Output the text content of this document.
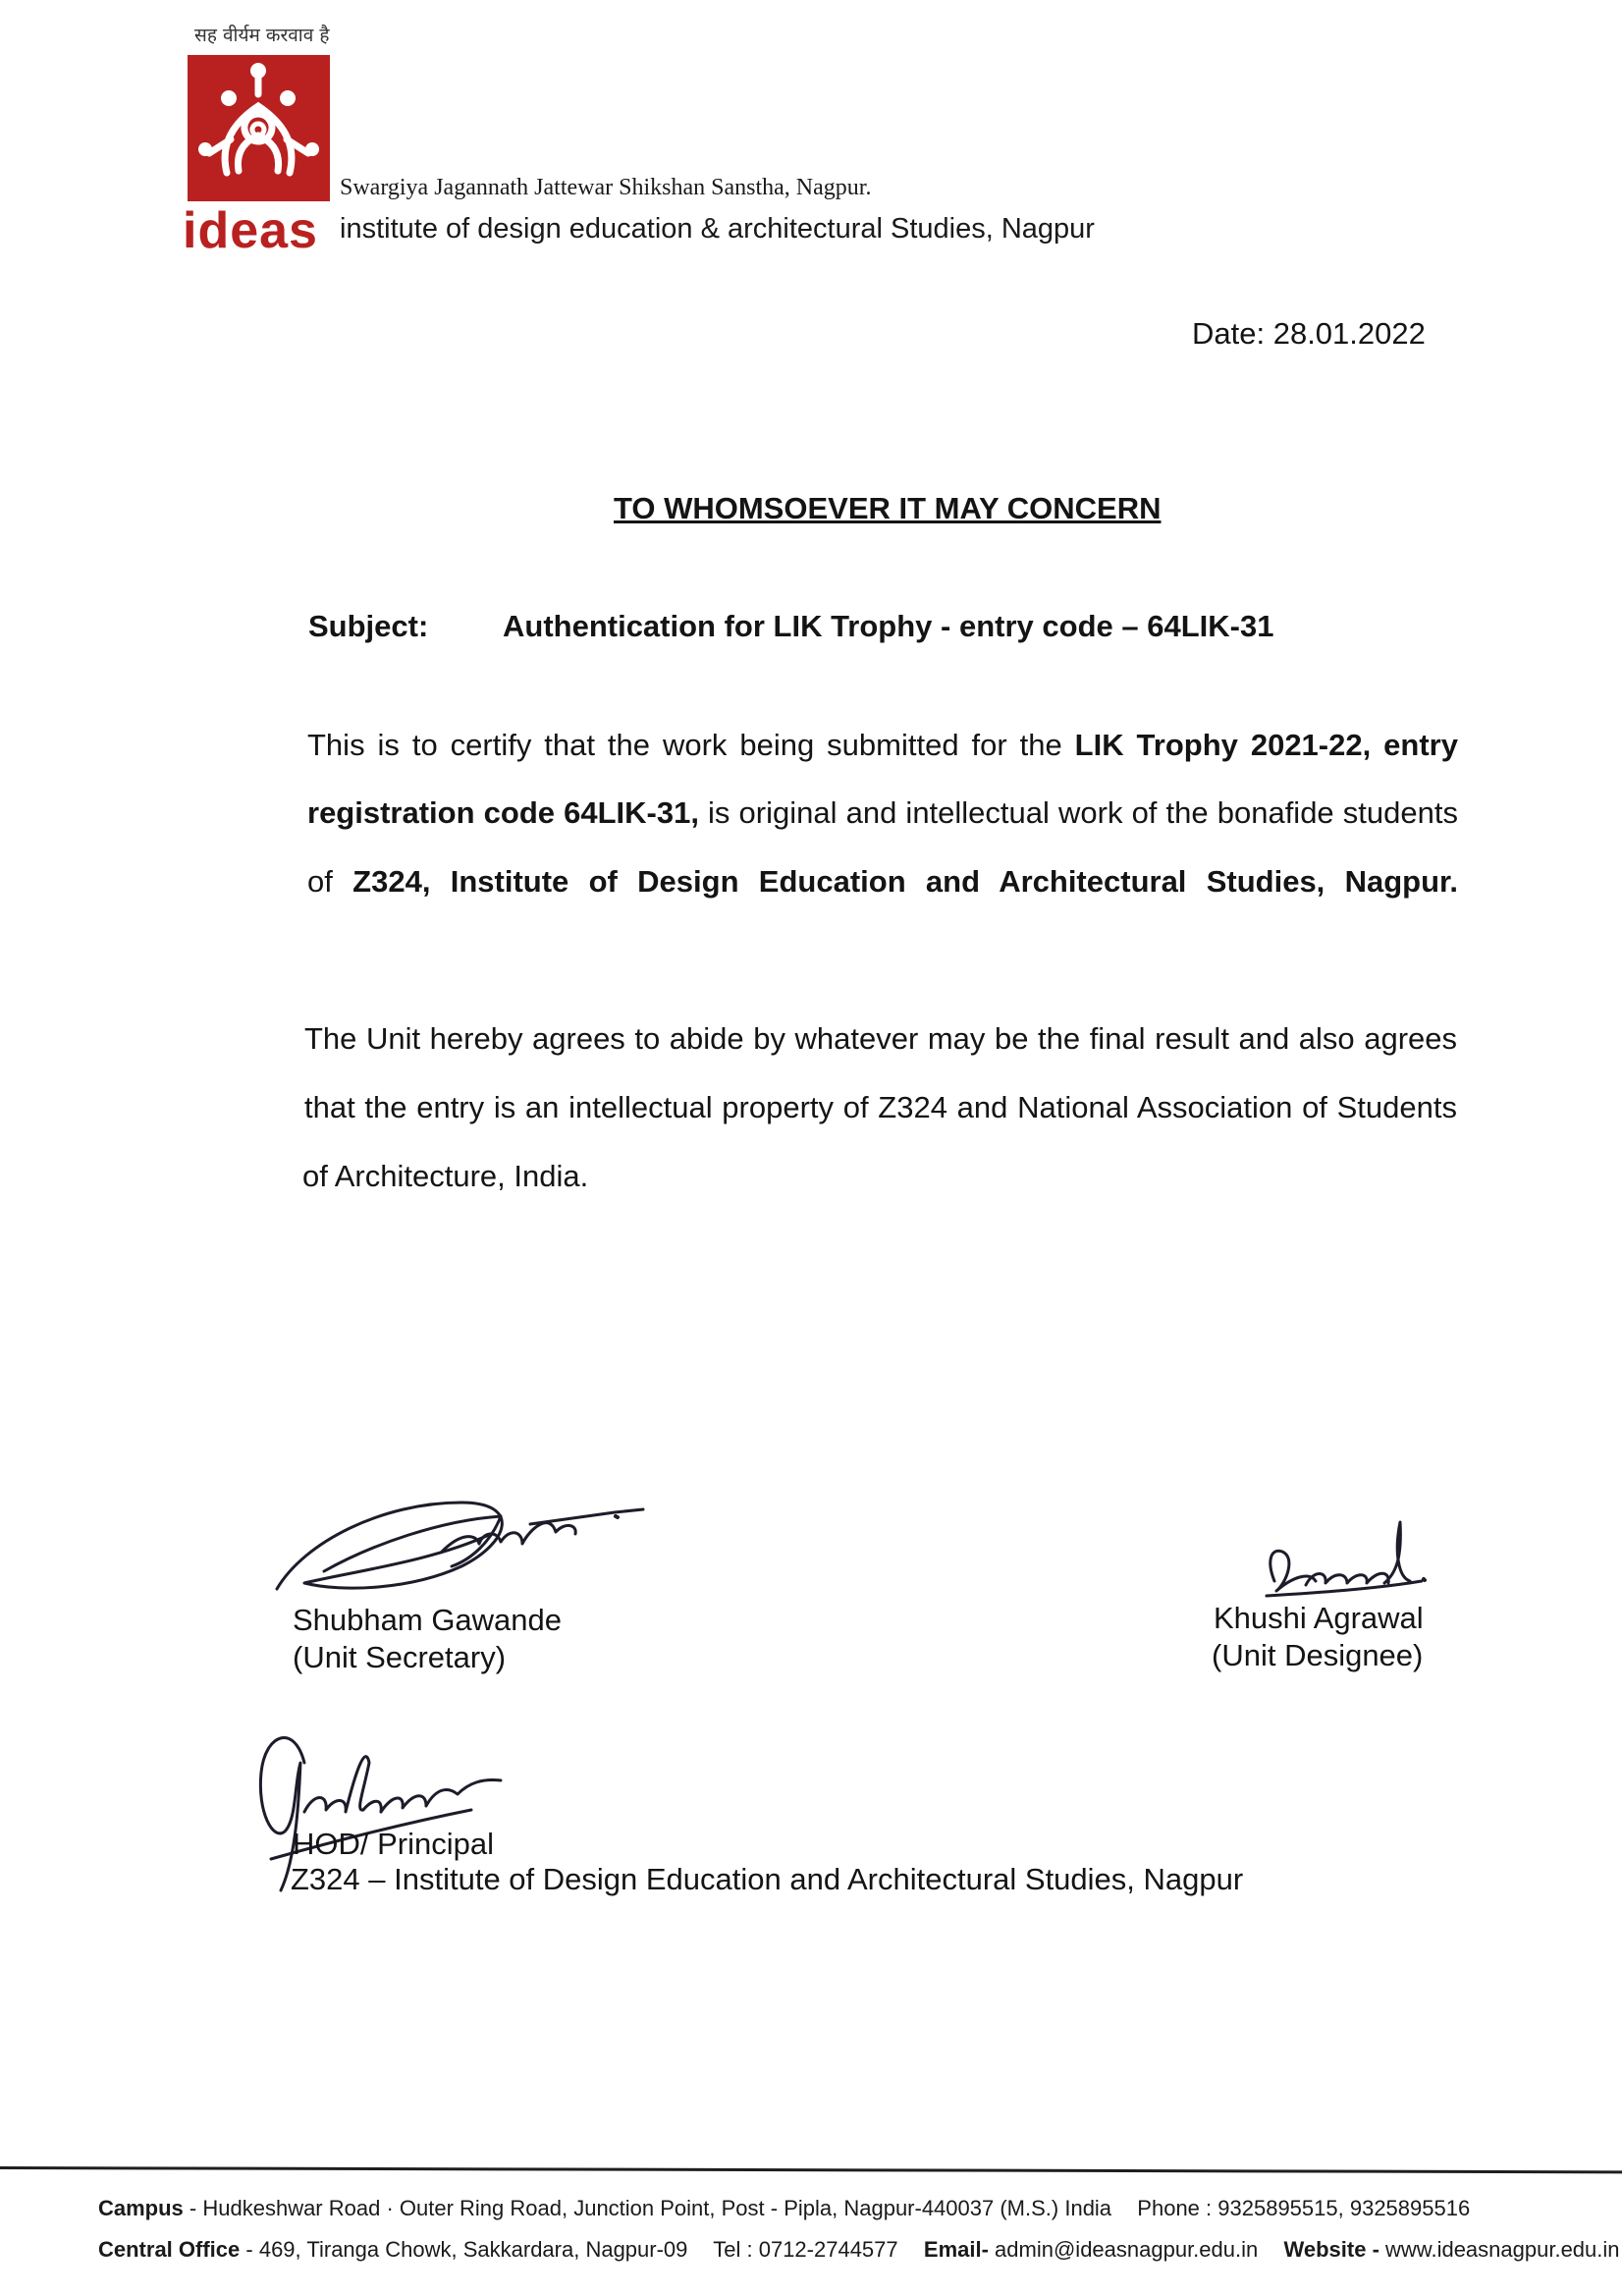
सह वीर्यम करवाव है
ideas
Swargiya Jagannath Jattewar Shikshan Sanstha, Nagpur.
institute of design education & architectural Studies, Nagpur
Date: 28.01.2022
TO WHOMSOEVER IT MAY CONCERN
Subject: Authentication for LIK Trophy - entry code – 64LIK-31
This is to certify that the work being submitted for the LIK Trophy 2021-22, entry
registration code 64LIK-31, is original and intellectual work of the bonafide students
of Z324, Institute of Design Education and Architectural Studies, Nagpur.
The Unit hereby agrees to abide by whatever may be the final result and also agrees
that the entry is an intellectual property of Z324 and National Association of Students
of Architecture, India.
Shubham Gawande
(Unit Secretary)
Khushi Agrawal
(Unit Designee)
HOD/ Principal
Z324 – Institute of Design Education and Architectural Studies, Nagpur
Campus - Hudkeshwar Road · Outer Ring Road, Junction Point, Post - Pipla, Nagpur-440037 (M.S.) India Phone : 9325895515, 9325895516
Central Office - 469, Tiranga Chowk, Sakkardara, Nagpur-09 Tel : 0712-2744577 Email- admin@ideasnagpur.edu.in Website - www.ideasnagpur.edu.in
